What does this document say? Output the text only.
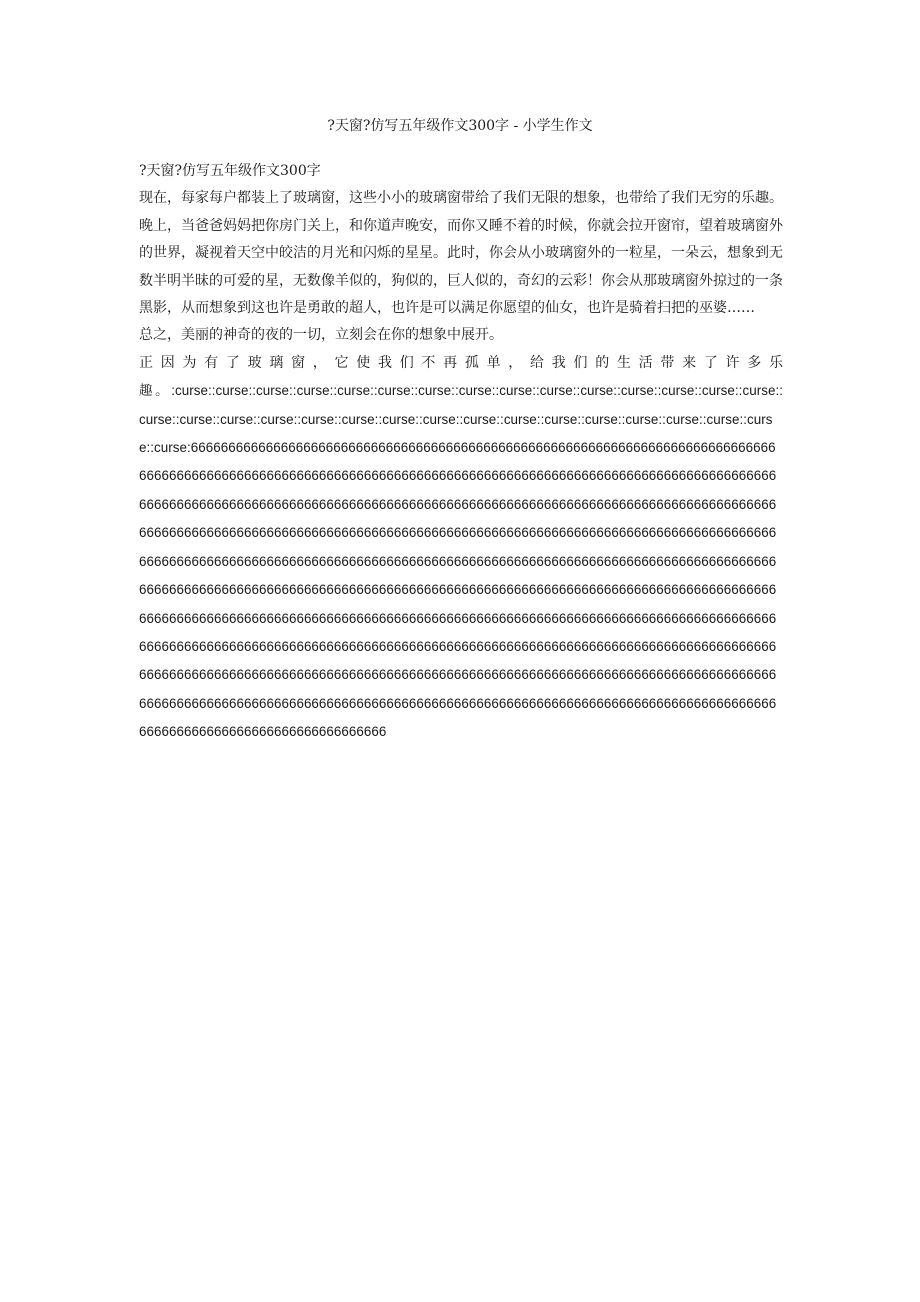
?天窗?仿写五年级作文300字 - 小学生作文

?天窗?仿写五年级作文300字

现在，每家每户都装上了玻璃窗，这些小小的玻璃窗带给了我们无限的想象，也带给了我们无穷的乐趣。

晚上，当爸爸妈妈把你房门关上，和你道声晚安，而你又睡不着的时候，你就会拉开窗帘，望着玻璃窗外的世界，凝视着天空中皎洁的月光和闪烁的星星。此时，你会从小玻璃窗外的一粒星，一朵云，想象到无数半明半昧的可爱的星，无数像羊似的，狗似的，巨人似的，奇幻的云彩！你会从那玻璃窗外掠过的一条黑影，从而想象到这也许是勇敢的超人，也许是可以满足你愿望的仙女，也许是骑着扫把的巫婆……

总之，美丽的神奇的夜的一切，立刻会在你的想象中展开。

正因为有了玻璃窗，它使我们不再孤单，给我们的生活带来了许多乐
趣。:curse::curse::curse::curse::curse::curse::curse::curse::curse::curse::curse::curse::curse::curse::curse::curse::curse::curse::curse::curse::curse::curse::curse::curse::curse::curse::curse::curse::curse::curse::curse::curse:666666666666666666666666666666666666666666666666666666666666666666666666666666666666666666666666666666666666666666666666666666666666666666666666666666666666666666666666666666666666666666666666666666666666666666666666666666666666666666666666666666666666666666666666666666666666666666666666666666666666666666666666666666666666666666666666666666666666666666666666666666666666666666666666666666666666666666666666666666666666666666666666666666666666666666666666666666666666666666666666666666666666666666666666666666666666666666666666666666666666666666666666666666666666666666666666666666666666666666666666666666666666666666666666666666666666666666666666666666666666666666666666666666666666666666666666666666666666666666666666666666666666666666666666666666666666666666666666666666666666666666666666666666666666666666666666666666666666666666666666666666666666666666666666666666666666
